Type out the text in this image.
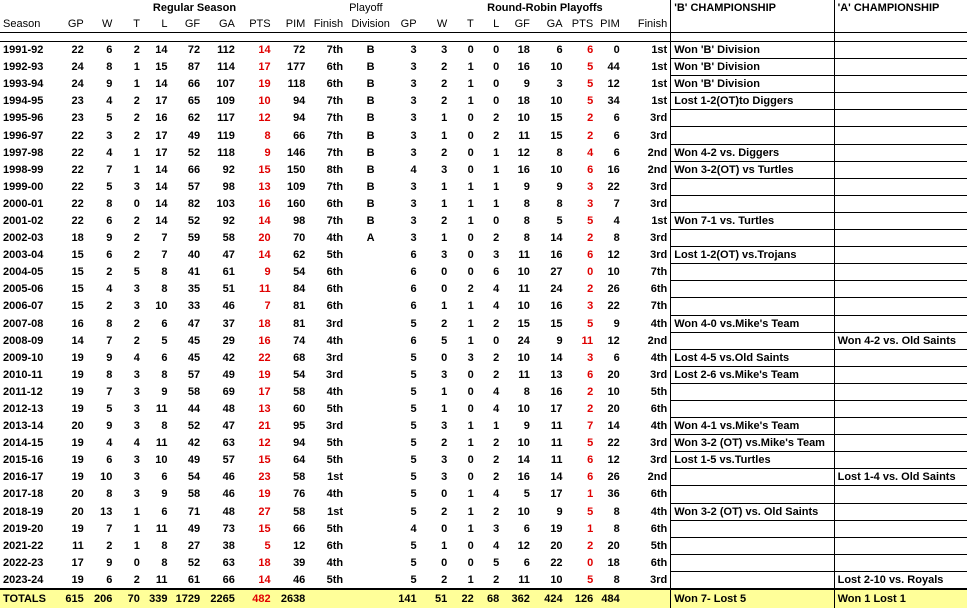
			Regular Season							Playoff		Round-Robin Playoffs								'B' CHAMPIONSHIP	'A' CHAMPIONSHIP
Season	GP	W	T	L	GF	GA	PTS	PIM	Finish	Division	GP	W	T	L	GF	GA	PTS	PIM	Finish		

1991-92	22	6	2	14	72	112	14	72	7th	B	3	3	0	0	18	6	6	0	1st	Won 'B' Division	
1992-93	24	8	1	15	87	114	17	177	6th	B	3	2	1	0	16	10	5	44	1st	Won 'B' Division	
1993-94	24	9	1	14	66	107	19	118	6th	B	3	2	1	0	9	3	5	12	1st	Won 'B' Division	
1994-95	23	4	2	17	65	109	10	94	7th	B	3	2	1	0	18	10	5	34	1st	Lost 1-2(OT)to Diggers	
1995-96	23	5	2	16	62	117	12	94	7th	B	3	1	0	2	10	15	2	6	3rd		
1996-97	22	3	2	17	49	119	8	66	7th	B	3	1	0	2	11	15	2	6	3rd		
1997-98	22	4	1	17	52	118	9	146	7th	B	3	2	0	1	12	8	4	6	2nd	Won 4-2 vs. Diggers	
1998-99	22	7	1	14	66	92	15	150	8th	B	4	3	0	1	16	10	6	16	2nd	Won 3-2(OT) vs Turtles	
1999-00	22	5	3	14	57	98	13	109	7th	B	3	1	1	1	9	9	3	22	3rd		
2000-01	22	8	0	14	82	103	16	160	6th	B	3	1	1	1	8	8	3	7	3rd		
2001-02	22	6	2	14	52	92	14	98	7th	B	3	2	1	0	8	5	5	4	1st	Won 7-1 vs. Turtles	
2002-03	18	9	2	7	59	58	20	70	4th	A	3	1	0	2	8	14	2	8	3rd		
2003-04	15	6	2	7	40	47	14	62	5th		6	3	0	3	11	16	6	12	3rd	Lost 1-2(OT) vs.Trojans	
2004-05	15	2	5	8	41	61	9	54	6th		6	0	0	6	10	27	0	10	7th		
2005-06	15	4	3	8	35	51	11	84	6th		6	0	2	4	11	24	2	26	6th		
2006-07	15	2	3	10	33	46	7	81	6th		6	1	1	4	10	16	3	22	7th		
2007-08	16	8	2	6	47	37	18	81	3rd		5	2	1	2	15	15	5	9	4th	Won 4-0 vs.Mike's Team	
2008-09	14	7	2	5	45	29	16	74	4th		6	5	1	0	24	9	11	12	2nd		Won 4-2 vs. Old Saints
2009-10	19	9	4	6	45	42	22	68	3rd		5	0	3	2	10	14	3	6	4th	Lost 4-5 vs.Old Saints	
2010-11	19	8	3	8	57	49	19	54	3rd		5	3	0	2	11	13	6	20	3rd	Lost 2-6 vs.Mike's Team	
2011-12	19	7	3	9	58	69	17	58	4th		5	1	0	4	8	16	2	10	5th		
2012-13	19	5	3	11	44	48	13	60	5th		5	1	0	4	10	17	2	20	6th		
2013-14	20	9	3	8	52	47	21	95	3rd		5	3	1	1	9	11	7	14	4th	Won 4-1 vs.Mike's Team	
2014-15	19	4	4	11	42	63	12	94	5th		5	2	1	2	10	11	5	22	3rd	Won 3-2 (OT) vs.Mike's Team	
2015-16	19	6	3	10	49	57	15	64	5th		5	3	0	2	14	11	6	12	3rd	Lost 1-5 vs.Turtles	
2016-17	19	10	3	6	54	46	23	58	1st		5	3	0	2	16	14	6	26	2nd		Lost 1-4 vs. Old Saints
2017-18	20	8	3	9	58	46	19	76	4th		5	0	1	4	5	17	1	36	6th		
2018-19	20	13	1	6	71	48	27	58	1st		5	2	1	2	10	9	5	8	4th	Won 3-2 (OT) vs. Old Saints	
2019-20	19	7	1	11	49	73	15	66	5th		4	0	1	3	6	19	1	8	6th		
2021-22	11	2	1	8	27	38	5	12	6th		5	1	0	4	12	20	2	20	5th		
2022-23	17	9	0	8	52	63	18	39	4th		5	0	0	5	6	22	0	18	6th		
2023-24	19	6	2	11	61	66	14	46	5th		5	2	1	2	11	10	5	8	3rd		Lost 2-10 vs. Royals
TOTALS	615	206	70	339	1729	2265	482	2638			141	51	22	68	362	424	126	484		Won 7- Lost 5	Won 1 Lost 1
